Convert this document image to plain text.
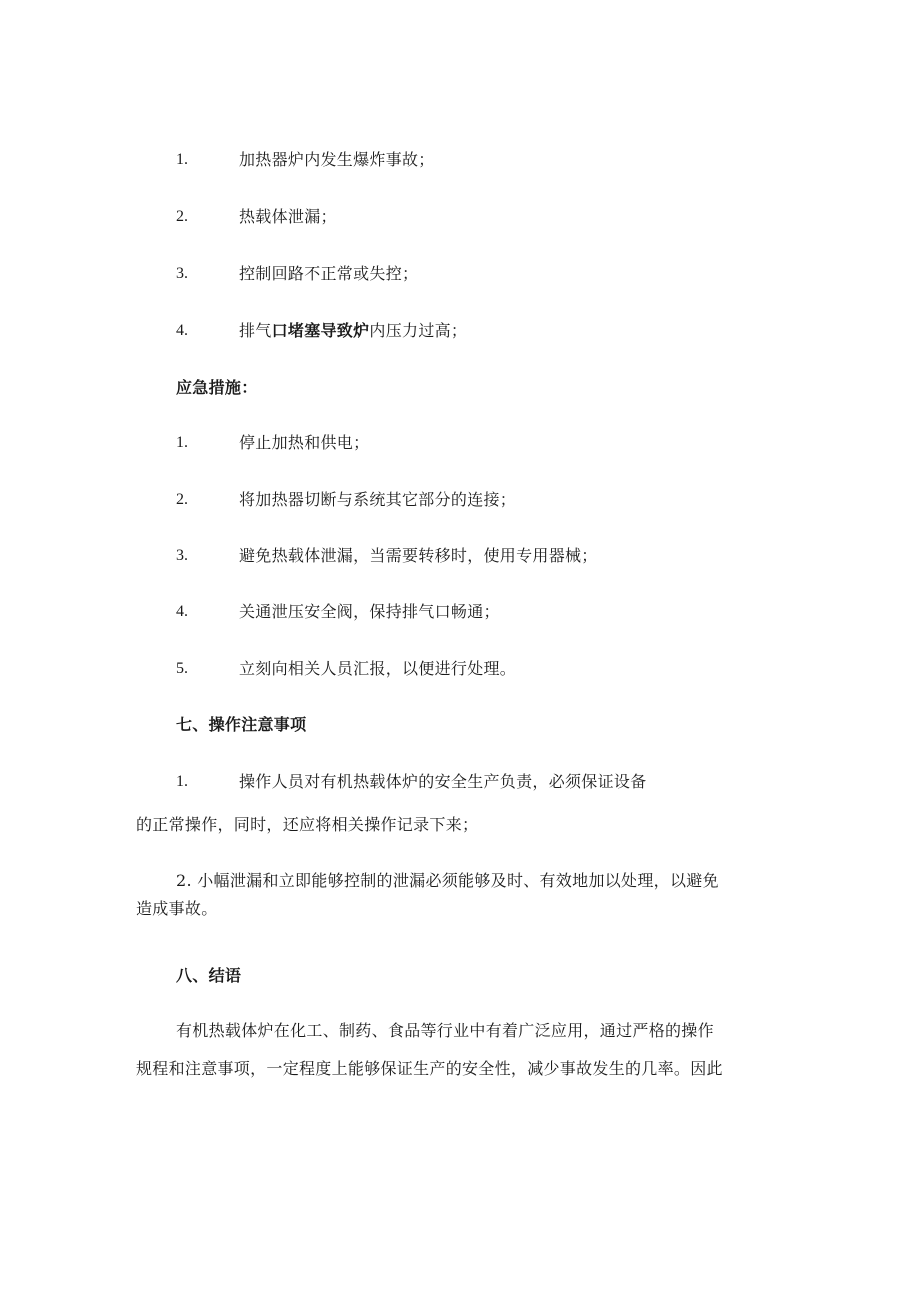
1.	加热器炉内发生爆炸事故；
2.	热载体泄漏；
3.	控制回路不正常或失控；
4.	排气口堵塞导致炉内压力过高；
应急措施：
1.	停止加热和供电；
2.	将加热器切断与系统其它部分的连接；
3.	避免热载体泄漏，当需要转移时，使用专用器械；
4.	关通泄压安全阀，保持排气口畅通；
5.	立刻向相关人员汇报，以便进行处理。
七、操作注意事项
1.	操作人员对有机热载体炉的安全生产负责，必须保证设备
的正常操作，同时，还应将相关操作记录下来；
2. 小幅泄漏和立即能够控制的泄漏必须能够及时、有效地加以处理，以避免
造成事故。
八、结语
有机热载体炉在化工、制药、食品等行业中有着广泛应用，通过严格的操作
规程和注意事项，一定程度上能够保证生产的安全性，减少事故发生的几率。因此
